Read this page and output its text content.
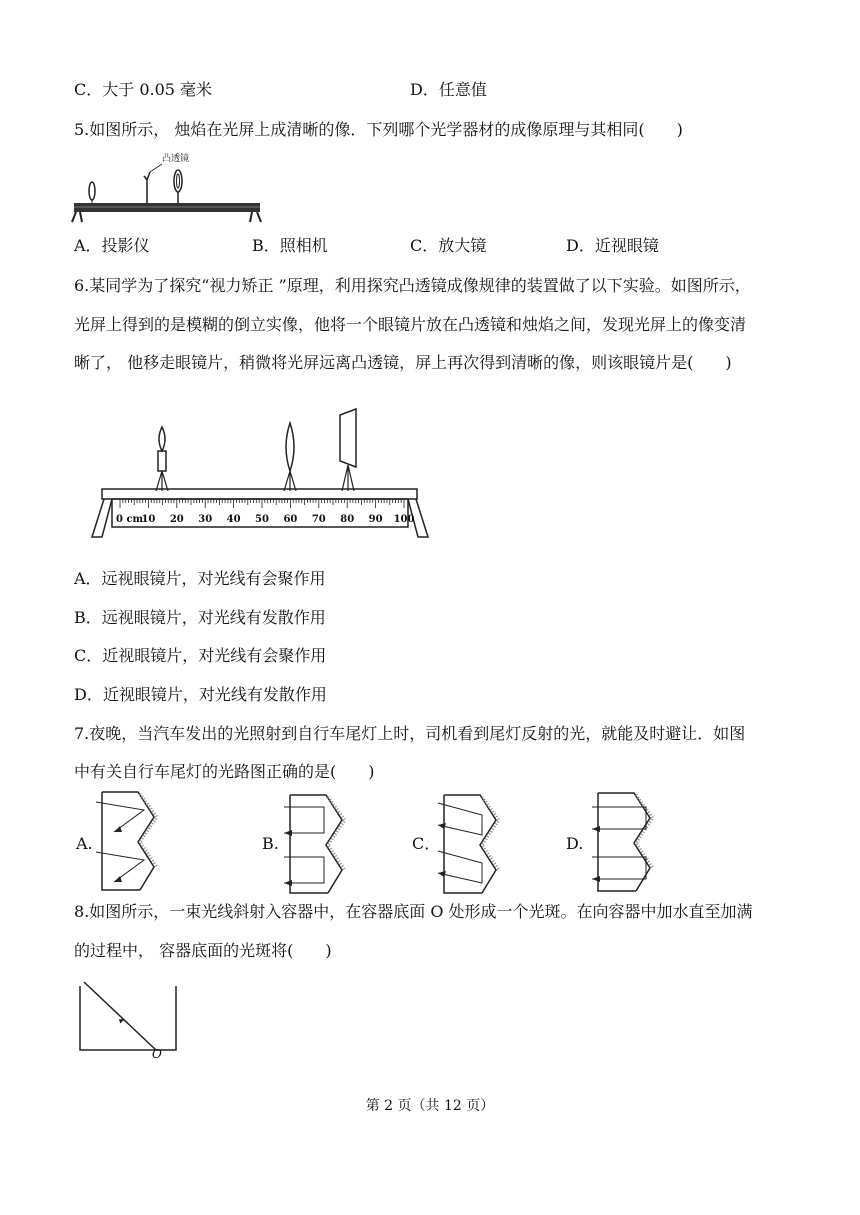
C．大于 0.05 毫米	D．任意值
5.如图所示， 烛焰在光屏上成清晰的像．下列哪个光学器材的成像原理与其相同(　　)
凸透镜
A．投影仪	B．照相机	C．放大镜	D．近视眼镜
6.某同学为了探究“视力矫正 ”原理，利用探究凸透镜成像规律的装置做了以下实验。如图所示，
光屏上得到的是模糊的倒立实像，他将一个眼镜片放在凸透镜和烛焰之间，发现光屏上的像变清
晰了， 他移走眼镜片，稍微将光屏远离凸透镜，屏上再次得到清晰的像，则该眼镜片是(　　)
0 cm
10 20 30 40 50 60 70 80 90 100
A．远视眼镜片，对光线有会聚作用
B．远视眼镜片，对光线有发散作用
C．近视眼镜片，对光线有会聚作用
D．近视眼镜片，对光线有发散作用
7.夜晚，当汽车发出的光照射到自行车尾灯上时，司机看到尾灯反射的光，就能及时避让．如图
中有关自行车尾灯的光路图正确的是(　　)
A.	B.	C．	D.
8.如图所示，一束光线斜射入容器中，在容器底面 O 处形成一个光斑。在向容器中加水直至加满
的过程中， 容器底面的光斑将(　　)
O
第 2 页（共 12 页）
